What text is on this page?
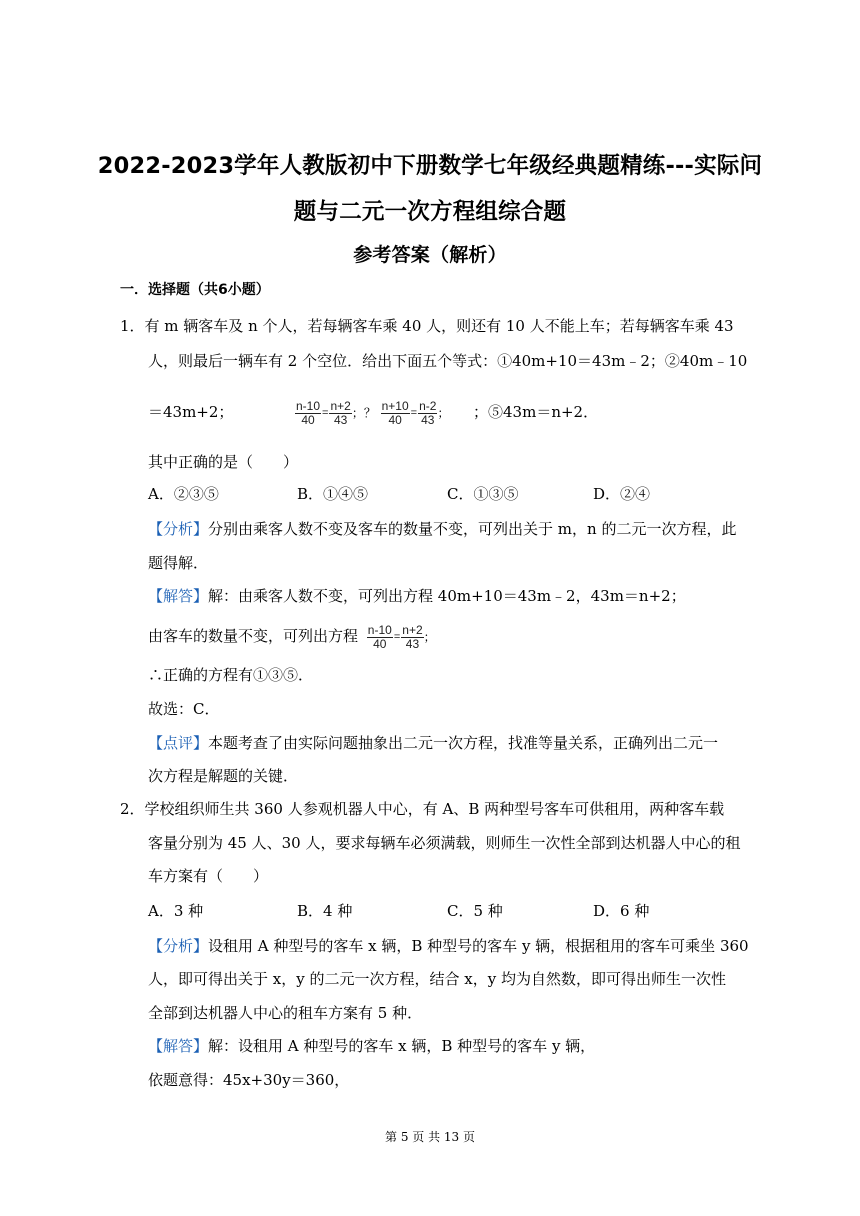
2022-2023学年人教版初中下册数学七年级经典题精练---实际问
题与二元一次方程组综合题
参考答案（解析）
一．选择题（共6小题）
1．有 m 辆客车及 n 个人，若每辆客车乘 40 人，则还有 10 人不能上车；若每辆客车乘 43
人，则最后一辆车有 2 个空位．给出下面五个等式：①40m+10＝43m﹣2；②40m﹣10
＝43m+2；	$\frac{n-10}{40} = \frac{n+2}{43}$ ；？ $\frac{n+10}{40} = \frac{n-2}{43}$ ； ；⑤43m＝n+2．
其中正确的是（　　）
A．②③⑤	B．①④⑤	C．①③⑤	D．②④
【分析】分别由乘客人数不变及客车的数量不变，可列出关于 m，n 的二元一次方程，此
题得解．
【解答】解：由乘客人数不变，可列出方程 40m+10＝43m﹣2，43m＝n+2；
由客车的数量不变，可列出方程 $\frac{n-10}{40} = \frac{n+2}{43}$ ；
∴正确的方程有①③⑤．
故选：C．
【点评】本题考查了由实际问题抽象出二元一次方程，找准等量关系，正确列出二元一
次方程是解题的关键．
2．学校组织师生共 360 人参观机器人中心，有 A、B 两种型号客车可供租用，两种客车载
客量分别为 45 人、30 人，要求每辆车必须满载，则师生一次性全部到达机器人中心的租
车方案有（　　）
A．3 种	B．4 种	C．5 种	D．6 种
【分析】设租用 A 种型号的客车 x 辆，B 种型号的客车 y 辆，根据租用的客车可乘坐 360
人，即可得出关于 x，y 的二元一次方程，结合 x，y 均为自然数，即可得出师生一次性
全部到达机器人中心的租车方案有 5 种．
【解答】解：设租用 A 种型号的客车 x 辆，B 种型号的客车 y 辆，
依题意得：45x+30y＝360，
第 5 页 共 13 页
